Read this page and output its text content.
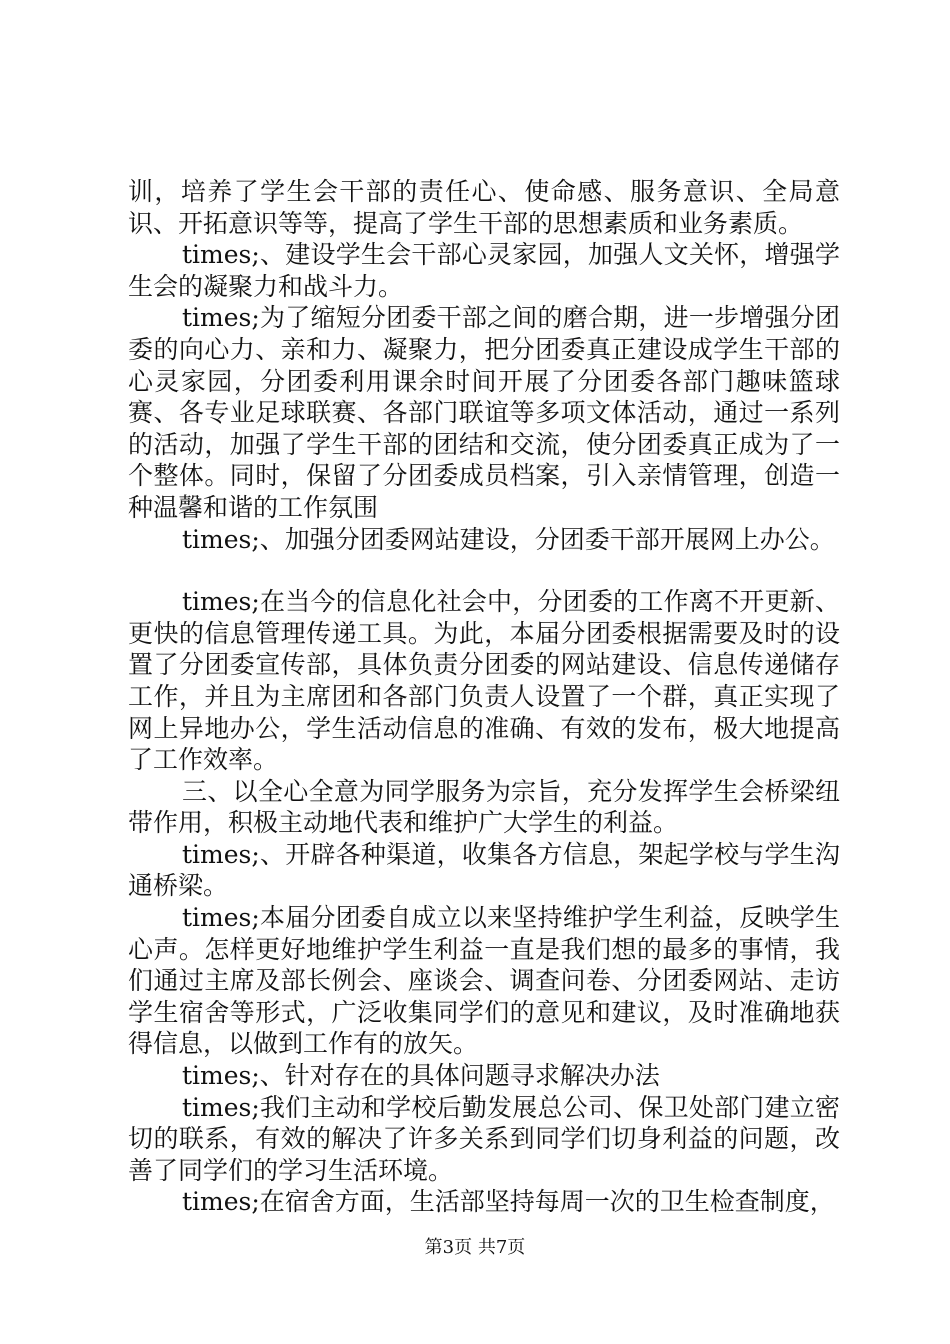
训，培养了学生会干部的责任心、使命感、服务意识、全局意识、开拓意识等等，提高了学生干部的思想素质和业务素质。

times;、建设学生会干部心灵家园，加强人文关怀，增强学生会的凝聚力和战斗力。

times;为了缩短分团委干部之间的磨合期，进一步增强分团委的向心力、亲和力、凝聚力，把分团委真正建设成学生干部的心灵家园，分团委利用课余时间开展了分团委各部门趣味篮球赛、各专业足球联赛、各部门联谊等多项文体活动，通过一系列的活动，加强了学生干部的团结和交流，使分团委真正成为了一个整体。同时，保留了分团委成员档案，引入亲情管理，创造一种温馨和谐的工作氛围

times;、加强分团委网站建设，分团委干部开展网上办公。

times;在当今的信息化社会中，分团委的工作离不开更新、更快的信息管理传递工具。为此，本届分团委根据需要及时的设置了分团委宣传部，具体负责分团委的网站建设、信息传递储存工作，并且为主席团和各部门负责人设置了一个群，真正实现了网上异地办公，学生活动信息的准确、有效的发布，极大地提高了工作效率。

三、以全心全意为同学服务为宗旨，充分发挥学生会桥梁纽带作用，积极主动地代表和维护广大学生的利益。

times;、开辟各种渠道，收集各方信息，架起学校与学生沟通桥梁。

times;本届分团委自成立以来坚持维护学生利益，反映学生心声。怎样更好地维护学生利益一直是我们想的最多的事情，我们通过主席及部长例会、座谈会、调查问卷、分团委网站、走访学生宿舍等形式，广泛收集同学们的意见和建议，及时准确地获得信息，以做到工作有的放矢。

times;、针对存在的具体问题寻求解决办法

times;我们主动和学校后勤发展总公司、保卫处部门建立密切的联系，有效的解决了许多关系到同学们切身利益的问题，改善了同学们的学习生活环境。

times;在宿舍方面，生活部坚持每周一次的卫生检查制度，

第3页 共7页
